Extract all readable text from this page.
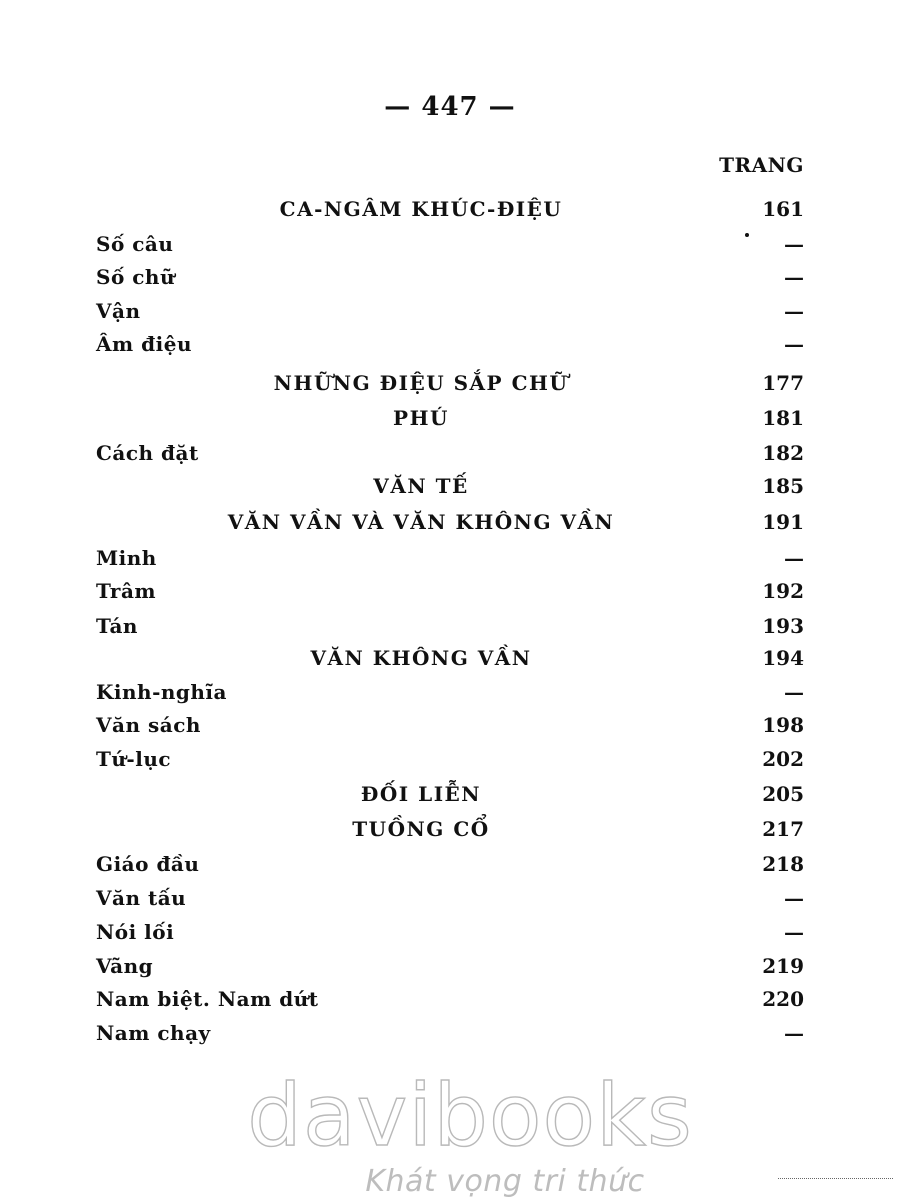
— 447 —
TRANG
CA-NGÂM KHÚC-ĐIỆU	161
Số câu	—
Số chữ	—
Vận	—
Âm điệu	—
NHỮNG ĐIỆU SẮP CHỮ	177
PHÚ	181
Cách đặt	182
VĂN TẾ	185
VĂN VẦN VÀ VĂN KHÔNG VẦN	191
Minh	—
Trâm	192
Tán	193
VĂN KHÔNG VẦN	194
Kinh-nghĩa	—
Văn sách	198
Tứ-lục	202
ĐỐI LIỄN	205
TUỒNG CỔ	217
Giáo đầu	218
Văn tấu	—
Nói lối	—
Vãng	219
Nam biệt. Nam dứt	220
Nam chạy	—
davibooks
Khát vọng tri thức
